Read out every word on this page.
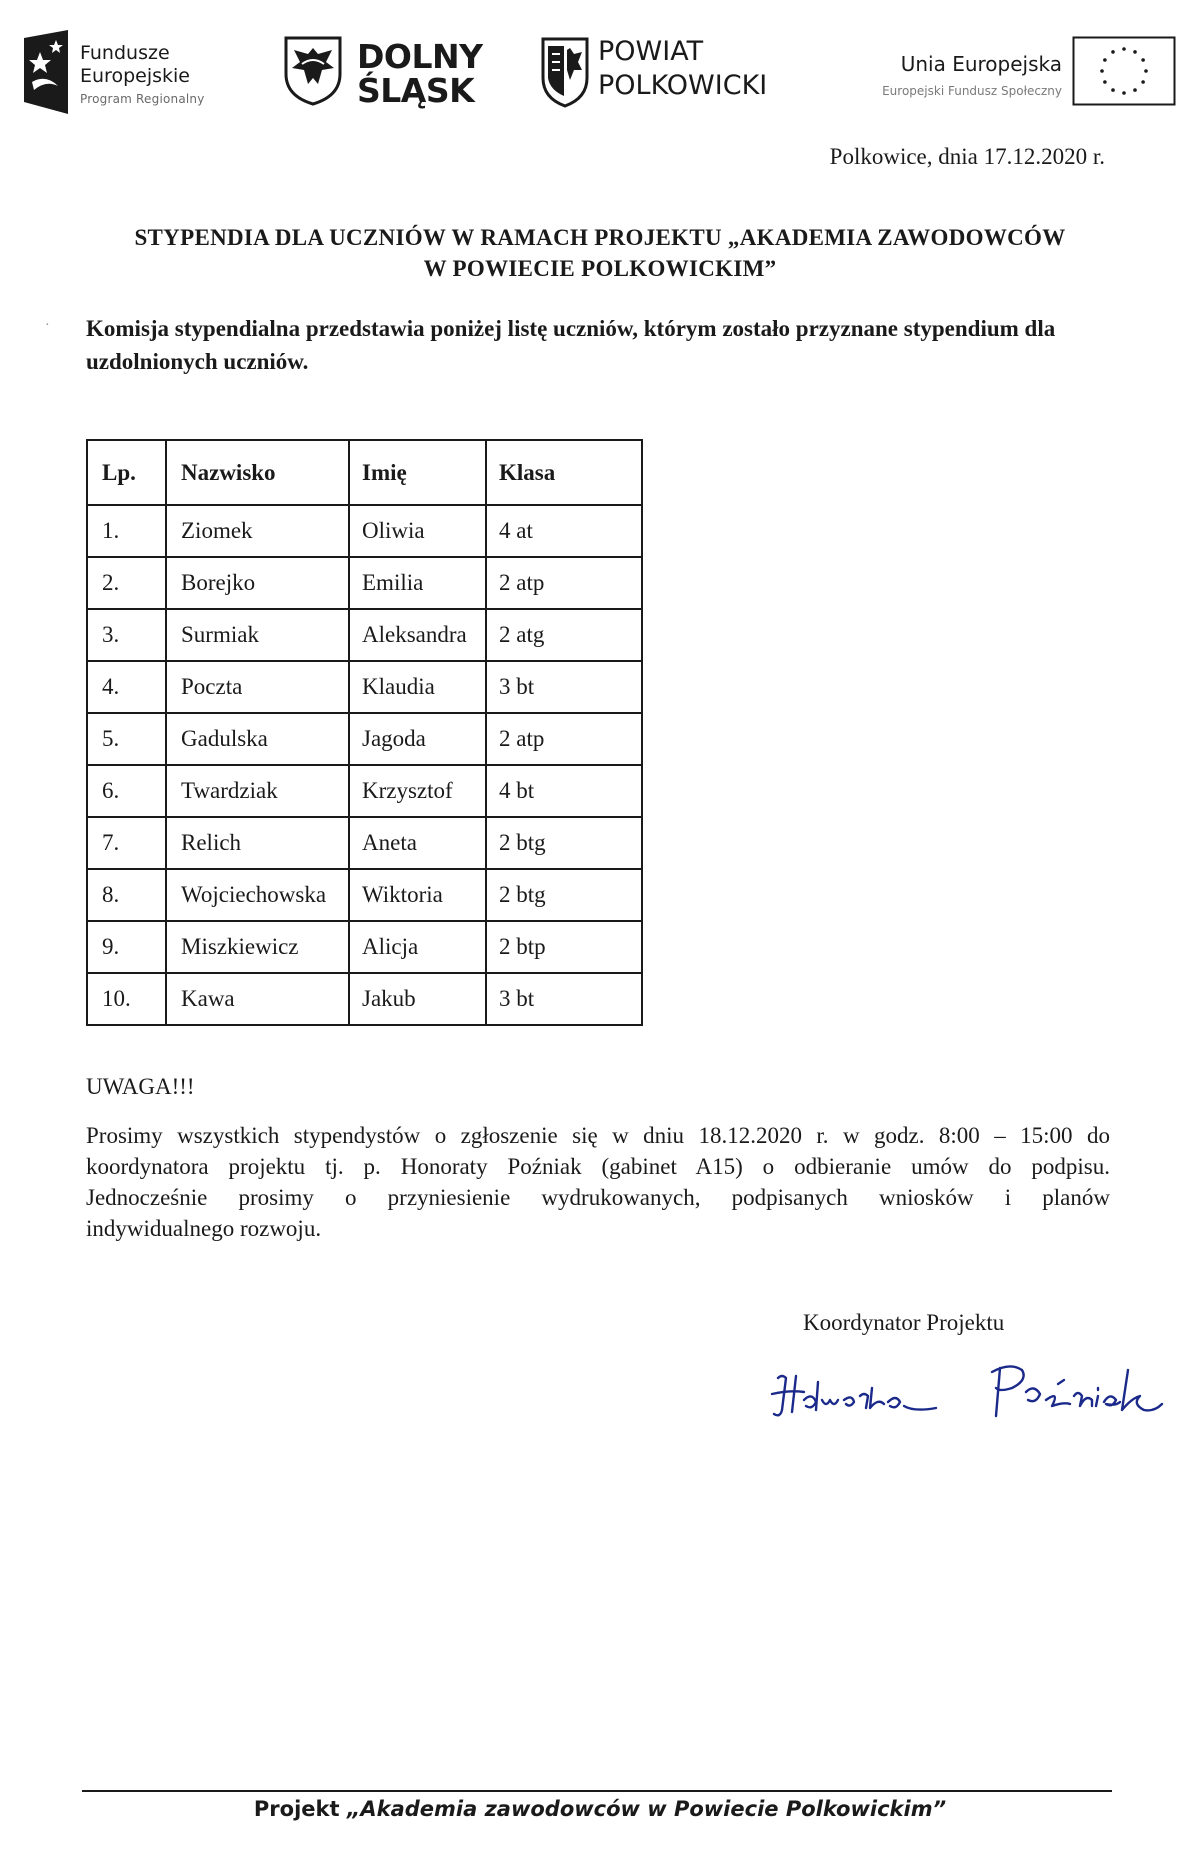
Fundusze
Europejskie
Program Regionalny
DOLNY
ŚLĄSK
POWIAT
POLKOWICKI
Unia Europejska
Europejski Fundusz Społeczny
Polkowice, dnia 17.12.2020 r.
STYPENDIA DLA UCZNIÓW W RAMACH PROJEKTU „AKADEMIA ZAWODOWCÓW
W POWIECIE POLKOWICKIM”
· Komisja stypendialna przedstawia poniżej listę uczniów, którym zostało przyznane stypendium dla uzdolnionych uczniów.
Lp.	Nazwisko	Imię	Klasa
1.	Ziomek	Oliwia	4 at
2.	Borejko	Emilia	2 atp
3.	Surmiak	Aleksandra	2 atg
4.	Poczta	Klaudia	3 bt
5.	Gadulska	Jagoda	2 atp
6.	Twardziak	Krzysztof	4 bt
7.	Relich	Aneta	2 btg
8.	Wojciechowska	Wiktoria	2 btg
9.	Miszkiewicz	Alicja	2 btp
10.	Kawa	Jakub	3 bt
UWAGA!!!
Prosimy wszystkich stypendystów o zgłoszenie się w dniu 18.12.2020 r. w godz. 8:00 – 15:00 do
koordynatora projektu tj. p. Honoraty Poźniak (gabinet A15) o odbieranie umów do podpisu.
Jednocześnie prosimy o przyniesienie wydrukowanych, podpisanych wniosków i planów
indywidualnego rozwoju.
Koordynator Projektu
Projekt „Akademia zawodowców w Powiecie Polkowickim”
